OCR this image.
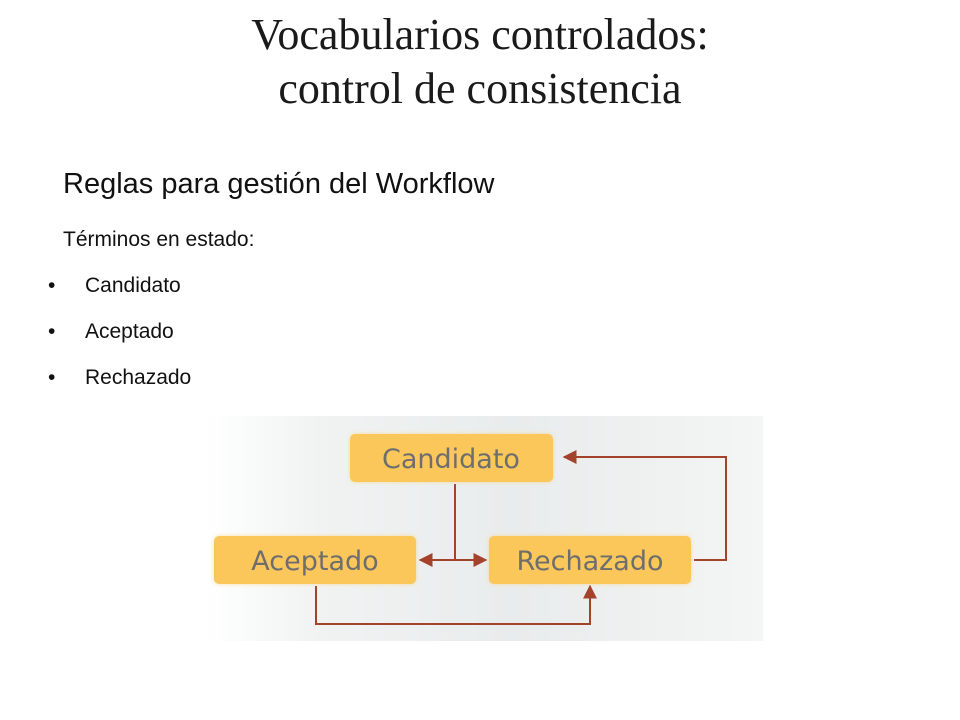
Vocabularios controlados:
control de consistencia
Reglas para gestión del Workflow
Términos en estado:
• Candidato
• Aceptado
• Rechazado
Candidato
Aceptado	Rechazado
